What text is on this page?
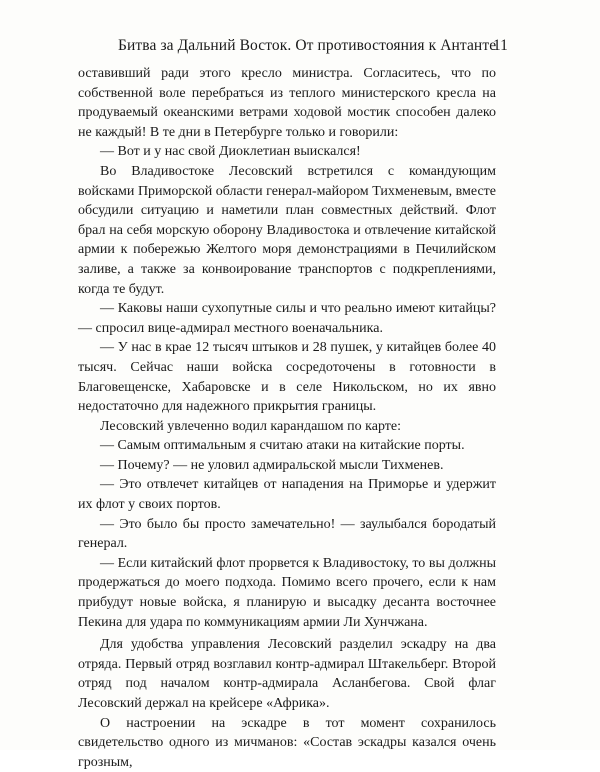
Битва за Дальний Восток. От противостояния к Антанте
11

оставивший ради этого кресло министра. Согласитесь, что по собственной воле перебраться из теплого министерского кресла на продуваемый океанскими ветрами ходовой мостик способен далеко не каждый! В те дни в Петербурге только и говорили:

— Вот и у нас свой Диоклетиан выискался!

Во Владивостоке Лесовский встретился с командующим войсками Приморской области генерал-майором Тихменевым, вместе обсудили ситуацию и наметили план совместных действий. Флот брал на себя морскую оборону Владивостока и отвлечение китайской армии к побережью Желтого моря демонстрациями в Печилийском заливе, а также за конвоирование транспортов с подкреплениями, когда те будут.

— Каковы наши сухопутные силы и что реально имеют китайцы? — спросил вице-адмирал местного военачальника.

— У нас в крае 12 тысяч штыков и 28 пушек, у китайцев более 40 тысяч. Сейчас наши войска сосредоточены в готовности в Благовещенске, Хабаровске и в селе Никольском, но их явно недостаточно для надежного прикрытия границы.

Лесовский увлеченно водил карандашом по карте:

— Самым оптимальным я считаю атаки на китайские порты.

— Почему? — не уловил адмиральской мысли Тихменев.

— Это отвлечет китайцев от нападения на Приморье и удержит их флот у своих портов.

— Это было бы просто замечательно! — заулыбался бородатый генерал.

— Если китайский флот прорвется к Владивостоку, то вы должны продержаться до моего подхода. Помимо всего прочего, если к нам прибудут новые войска, я планирую и высадку десанта восточнее Пекина для удара по коммуникациям армии Ли Хунчжана.

Для удобства управления Лесовский разделил эскадру на два отряда. Первый отряд возглавил контр-адмирал Штакельберг. Второй отряд под началом контр-адмирала Асланбегова. Свой флаг Лесовский держал на крейсере «Африка».

О настроении на эскадре в тот момент сохранилось свидетельство одного из мичманов: «Состав эскадры казался очень грозным,
